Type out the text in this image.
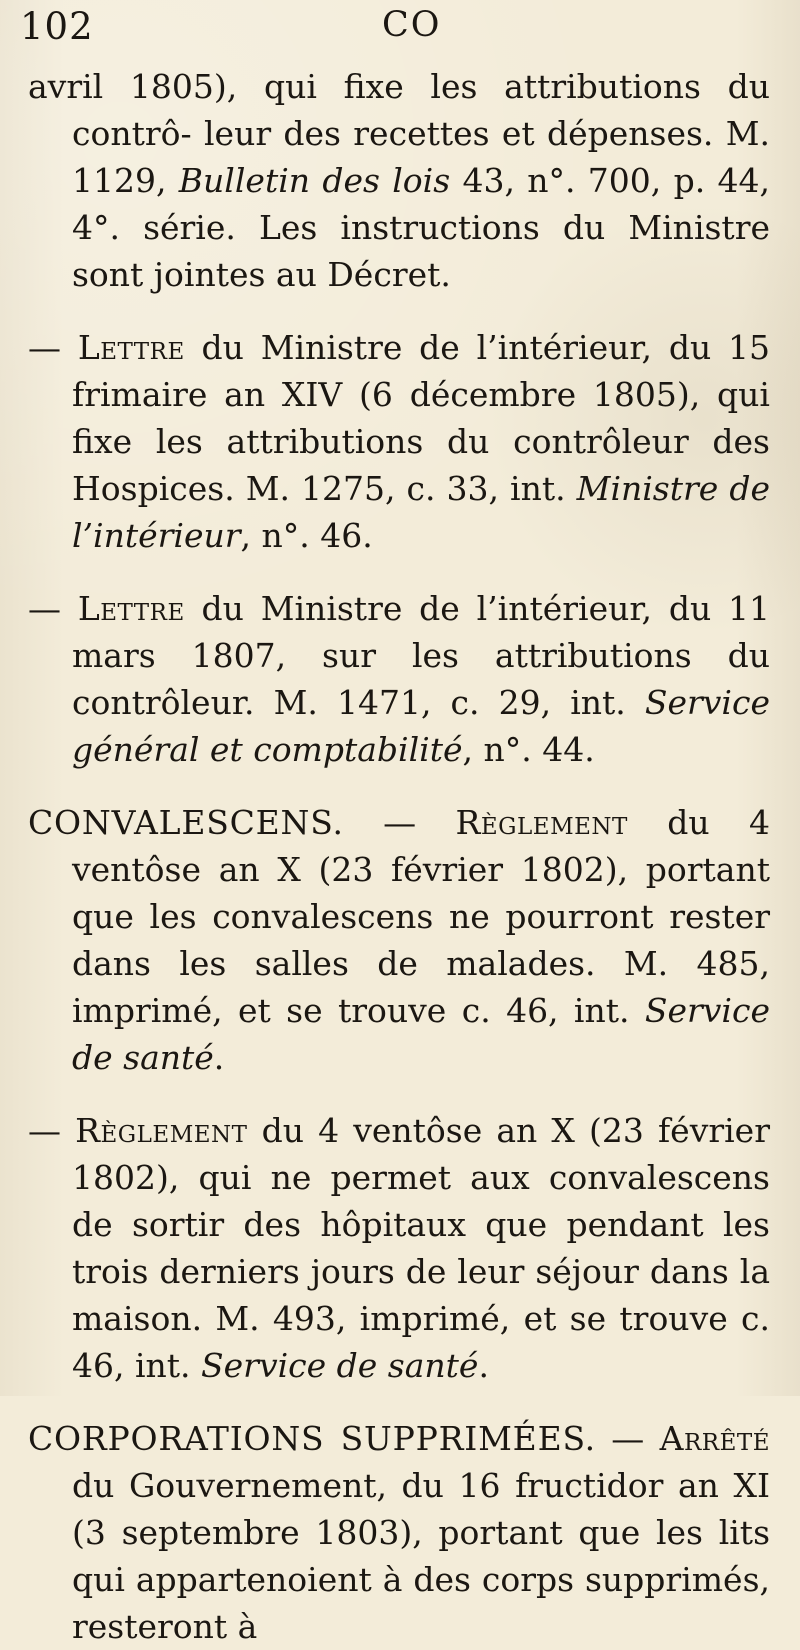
102	CO

avril 1805), qui fixe les attributions du contrô- leur des recettes et dépenses. M. 1129, Bulletin des lois 43, n°. 700, p. 44, 4°. série. Les instructions du Ministre sont jointes au Décret.

— Lettre du Ministre de l’intérieur, du 15 frimaire an XIV (6 décembre 1805), qui fixe les attributions du contrôleur des Hospices. M. 1275, c. 33, int. Ministre de l’intérieur, n°. 46.

— Lettre du Ministre de l’intérieur, du 11 mars 1807, sur les attributions du contrôleur. M. 1471, c. 29, int. Service général et comptabilité, n°. 44.

CONVALESCENS. — Règlement du 4 ventôse an X (23 février 1802), portant que les convalescens ne pourront rester dans les salles de malades. M. 485, imprimé, et se trouve c. 46, int. Service de santé.

— Règlement du 4 ventôse an X (23 février 1802), qui ne permet aux convalescens de sortir des hôpitaux que pendant les trois derniers jours de leur séjour dans la maison. M. 493, imprimé, et se trouve c. 46, int. Service de santé.

CORPORATIONS SUPPRIMÉES. — Arrêté du Gouvernement, du 16 fructidor an XI (3 septembre 1803), portant que les lits qui appartenoient à des corps supprimés, resteront à
